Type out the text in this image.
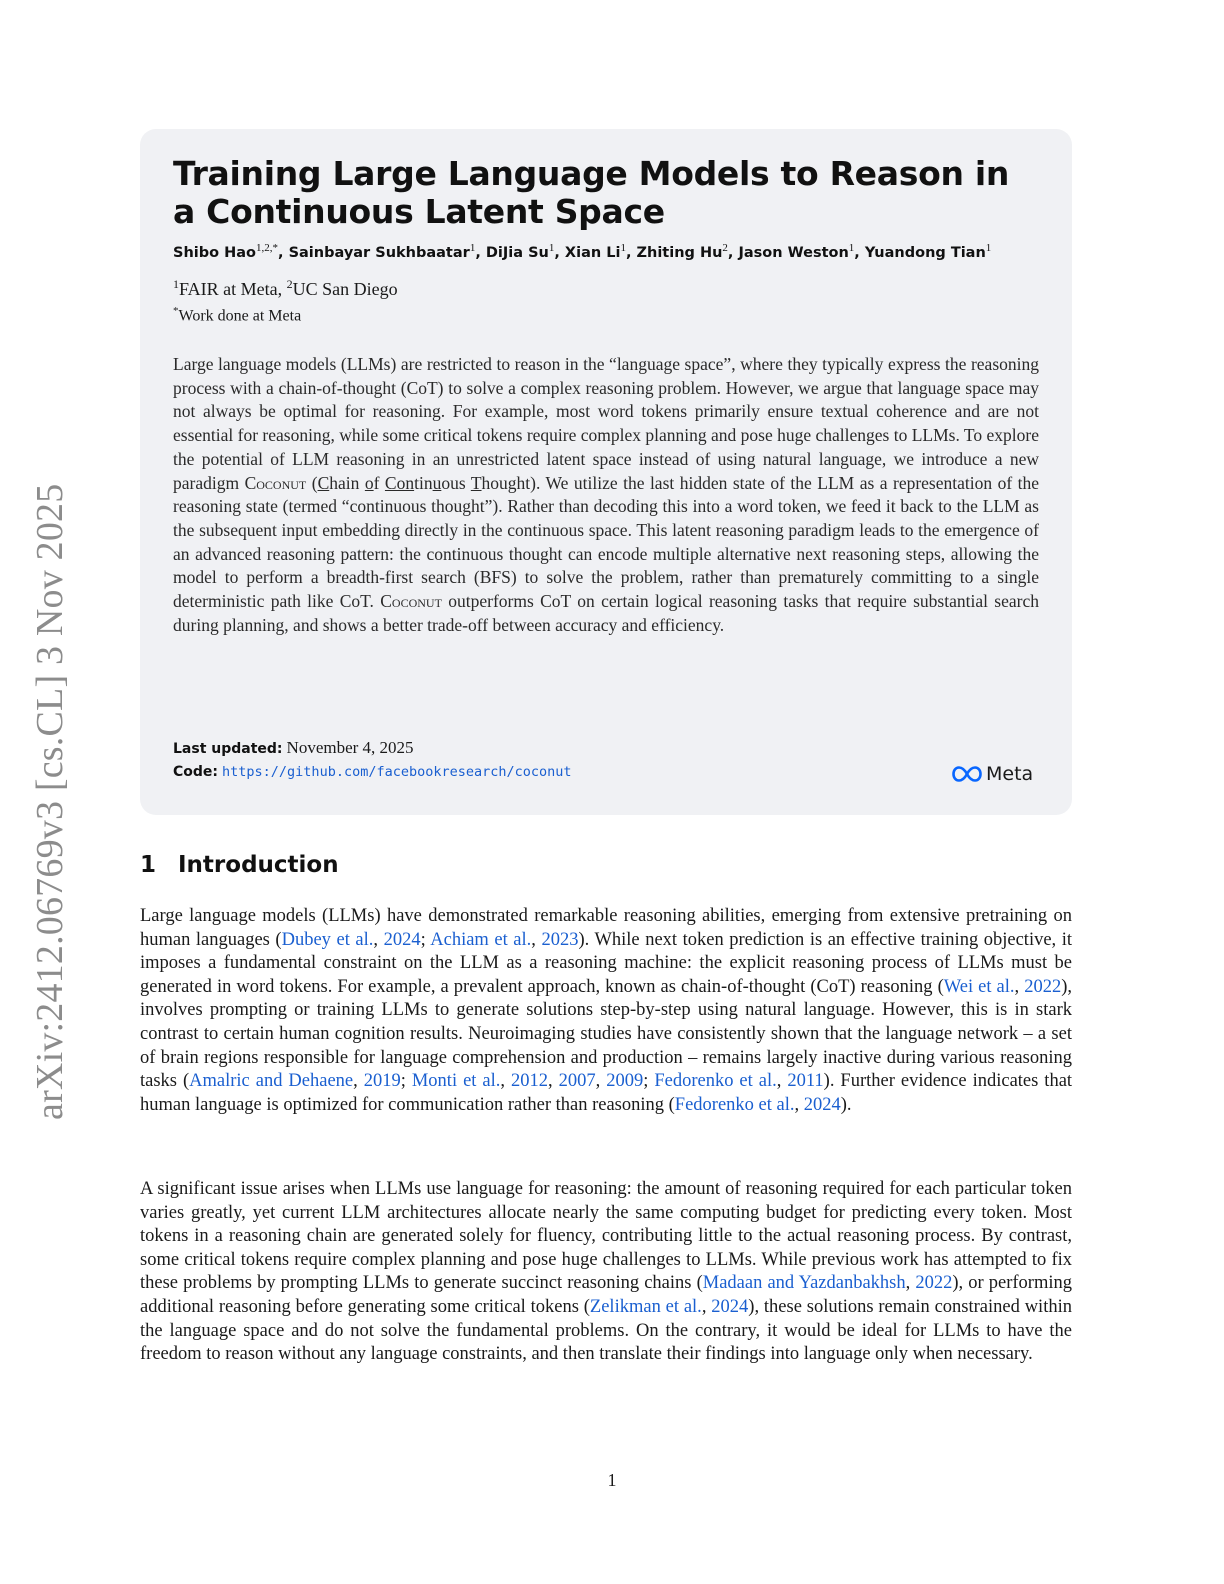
arXiv:2412.06769v3 [cs.CL] 3 Nov 2025
Training Large Language Models to Reason in a Continuous Latent Space
Shibo Hao$^{1,2,*}$, Sainbayar Sukhbaatar$^1$, DiJia Su$^1$, Xian Li$^1$, Zhiting Hu$^2$, Jason Weston$^1$, Yuandong Tian$^1$
$^1$FAIR at Meta, $^2$UC San Diego
*Work done at Meta

Large language models (LLMs) are restricted to reason in the “language space”, where they typically express the reasoning process with a chain-of-thought (CoT) to solve a complex reasoning problem. However, we argue that language space may not always be optimal for reasoning. For example, most word tokens primarily ensure textual coherence and are not essential for reasoning, while some critical tokens require complex planning and pose huge challenges to LLMs. To explore the potential of LLM reasoning in an unrestricted latent space instead of using natural language, we introduce a new paradigm Coconut (Chain of Continuous Thought). We utilize the last hidden state of the LLM as a representation of the reasoning state (termed “continuous thought”). Rather than decoding this into a word token, we feed it back to the LLM as the subsequent input embedding directly in the continuous space. This latent reasoning paradigm leads to the emergence of an advanced reasoning pattern: the continuous thought can encode multiple alternative next reasoning steps, allowing the model to perform a breadth-first search (BFS) to solve the problem, rather than prematurely committing to a single deterministic path like CoT. Coconut outperforms CoT on certain logical reasoning tasks that require substantial search during planning, and shows a better trade-off between accuracy and efficiency.

Last updated: November 4, 2025
Code: https://github.com/facebookresearch/coconut	Meta
1 Introduction

Large language models (LLMs) have demonstrated remarkable reasoning abilities, emerging from extensive pretraining on human languages (Dubey et al., 2024; Achiam et al., 2023). While next token prediction is an effective training objective, it imposes a fundamental constraint on the LLM as a reasoning machine: the explicit reasoning process of LLMs must be generated in word tokens. For example, a prevalent approach, known as chain-of-thought (CoT) reasoning (Wei et al., 2022), involves prompting or training LLMs to generate solutions step-by-step using natural language. However, this is in stark contrast to certain human cognition results. Neuroimaging studies have consistently shown that the language network – a set of brain regions responsible for language comprehension and production – remains largely inactive during various reasoning tasks (Amalric and Dehaene, 2019; Monti et al., 2012, 2007, 2009; Fedorenko et al., 2011). Further evidence indicates that human language is optimized for communication rather than reasoning (Fedorenko et al., 2024).

A significant issue arises when LLMs use language for reasoning: the amount of reasoning required for each particular token varies greatly, yet current LLM architectures allocate nearly the same computing budget for predicting every token. Most tokens in a reasoning chain are generated solely for fluency, contributing little to the actual reasoning process. By contrast, some critical tokens require complex planning and pose huge challenges to LLMs. While previous work has attempted to fix these problems by prompting LLMs to generate succinct reasoning chains (Madaan and Yazdanbakhsh, 2022), or performing additional reasoning before generating some critical tokens (Zelikman et al., 2024), these solutions remain constrained within the language space and do not solve the fundamental problems. On the contrary, it would be ideal for LLMs to have the freedom to reason without any language constraints, and then translate their findings into language only when necessary.

1
